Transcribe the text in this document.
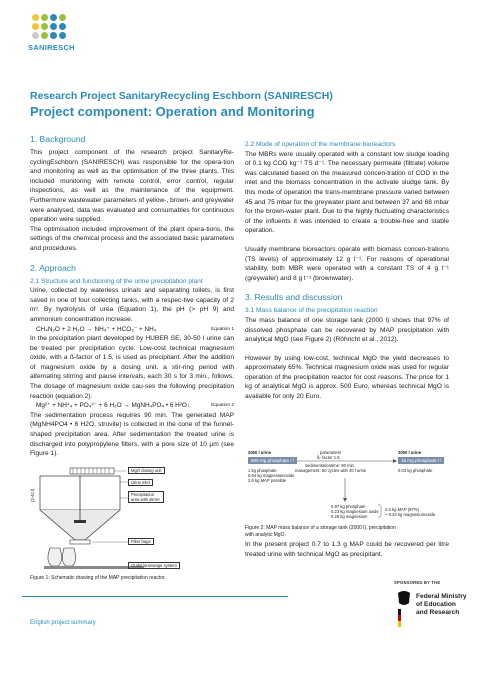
SANIRESCH
Research Project SanitaryRecycling Eschborn (SANIRESCH)
Project component: Operation and Monitoring
1. Background
This project component of the research project SanitaryRe-cyclingEschborn (SANIRESCH) was responsible for the opera-tion and monitoring as well as the optimisation of the three plants. This included monitoring with remote control, error control, regular inspections, as well as the maintenance of the equipment. Furthermore wastewater parameters of yellow-, brown- and greywater were analysed, data was evaluated and consumables for continuous operation were supplied.
The optimisation included improvement of the plant opera-tions, the settings of the chemical process and the associated basic parameters and procedures.
2. Approach
2.1 Structure and functioning of the urine precipitation plant
Urine, collected by waterless urinals and separating toilets, is first saved in one of four collecting tanks, with a respec-tive capacity of 2 m³. By hydrolysis of urea (Equation 1), the pH (> pH 9) and ammonium concentration increase.
CH₄N₂O + 2 H₂O → NH₄⁺ + HCO₃⁻ + NH₃	Equation 1
In the precipitation plant developed by HUBER SE, 30-50 l urine can be treated per precipitation cycle. Low-cost technical magnesium oxide, with a ß-factor of 1.5, is used as precipitant. After the addition of magnesium oxide by a dosing unit, a stir-ring period with alternating stirring and pause intervals, each 30 s for 3 min., follows. The dosage of magnesium oxide cau-ses the following precipitation reaction (equation 2):
Mg²⁺ + NH⁴₄ + PO₄³⁻ + 6 H₂O → MgNH₄PO₄ • 6 H²O↓	Equation 2
The sedimentation process requires 90 min. The generated MAP (MgNH4PO4 • 6 H2O, struvite) is collected in the cone of the funnel-shaped precipitation area. After sedimentation the treated urine is discharged into polypropylene filters, with a pore size of 10 µm (see Figure 1).
2.2 Mode of operation of the membrane bioreactors
The MBRs were usually operated with a constant low sludge loading of 0.1 kg COD kg⁻¹ TS d⁻¹. The necessary permeate (filtrate) volume was calculated based on the measured concen-tration of COD in the inlet and the biomass concentration in the activate sludge tank. By this mode of operation the trans-membrane pressure varied between 45 and 75 mbar for the greywater plant and between 37 and 68 mbar for the brown-water plant. Due to the highly fluctuating characteristics of the influents it was intended to create a trouble-free and stable operation.
Usually membrane bioreactors operate with biomass concen-trations (TS levels) of approximately 12 g l⁻¹. For reasons of operational stability, both MBR were operated with a constant TS of 4 g l⁻¹ (greywater) and 8 g l⁻¹ (brownwater).
3. Results and discussion
3.1 Mass balance of the precipitation reaction
The mass balance of one storage tank (2000 l) shows that 97% of dissolved phosphate can be recovered by MAP precipitation with analytical MgO (see Figure 2) (Röhricht et al., 2012).
However by using low-cost, technical MgO the yield decreases to approximately 65%. Technical magnesium oxide was used for regular operation of the precipitation reactor for cost reasons. The price for 1 kg of analytical MgO is approx. 500 Euro, whereas technical MgO is available for only 20 Euro.
MgO dosing unit
Urine inlet
Precipitation area with stirrer
Filter bags
Outlet to sewage system
(2-40 l)
Figure 1: Schematic drawing of the MAP precipitation reactor.
2000 l urine
500 mg phosphate / l
1 kg phosphate
0.64 kg magnesiumoxide
2.6 kg MAP possible
parameters
ß- factor 1.5
sedimentationtime: 90 min
management: 50 cycles with 40 l urine
2000 l urine
15 mg phosphate / l
0.03 kg phosphate
0.97 kg phosphate
0.23 kg magnesium oxide
0.25 kg magnesium
2.5 kg MAP (97%)
+ 0.23 kg magnesiumoxide
Figure 2: MAP mass balance of a storage tank (2000 l), precipitation
with analytic MgO.
In the present project 0.7 to 1.3 g MAP could be recovered per litre treated urine with technical MgO as precipitant.
English project summary
SPONSORED BY THE
Federal Ministry
of Education
and Research
